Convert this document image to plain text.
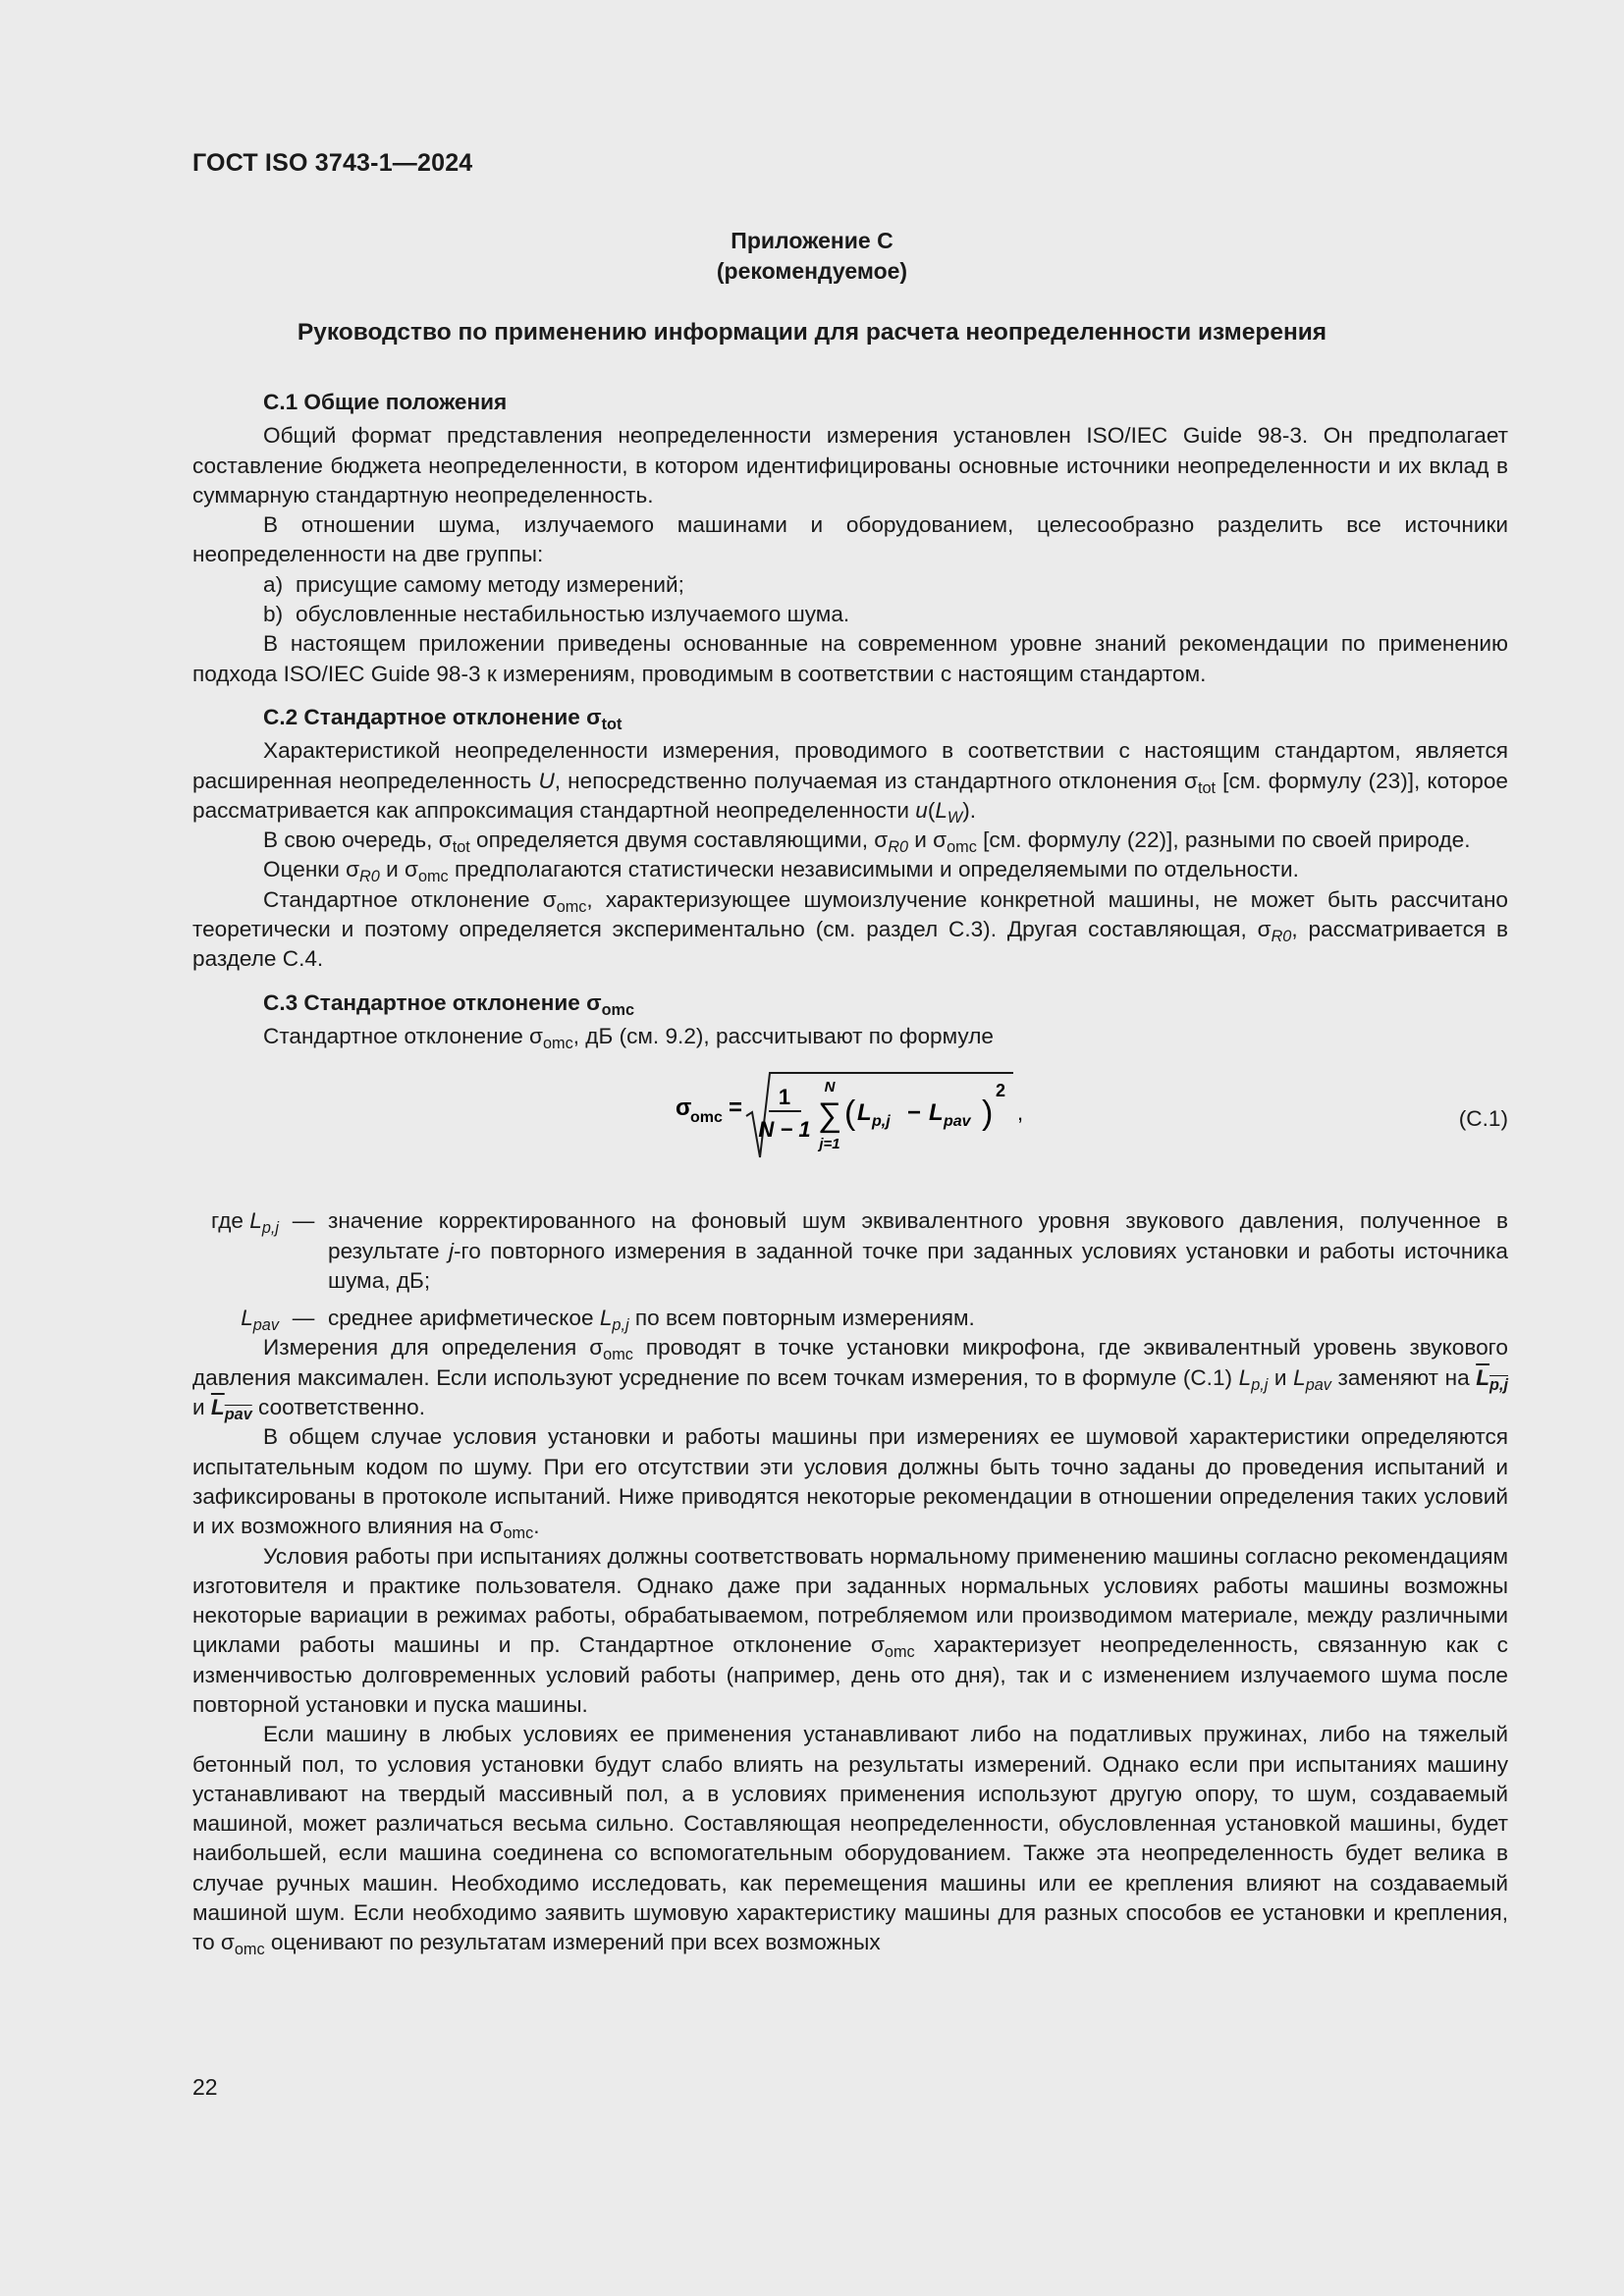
ГОСТ ISO 3743-1—2024
Приложение С
(рекомендуемое)
Руководство по применению информации для расчета неопределенности измерения

С.1 Общие положения

Общий формат представления неопределенности измерения установлен ISO/IEC Guide 98-3. Он предполагает составление бюджета неопределенности, в котором идентифицированы основные источники неопределенности и их вклад в суммарную стандартную неопределенность.

В отношении шума, излучаемого машинами и оборудованием, целесообразно разделить все источники неопределенности на две группы:

а) присущие самому методу измерений;

b) обусловленные нестабильностью излучаемого шума.

В настоящем приложении приведены основанные на современном уровне знаний рекомендации по применению подхода ISO/IEC Guide 98-3 к измерениям, проводимым в соответствии с настоящим стандартом.

С.2 Стандартное отклонение $\sigma_{tot}$

Характеристикой неопределенности измерения, проводимого в соответствии с настоящим стандартом, является расширенная неопределенность U, непосредственно получаемая из стандартного отклонения $\sigma_{tot}$ [см. формулу (23)], которое рассматривается как аппроксимация стандартной неопределенности $u(L_W)$.

В свою очередь, $\sigma_{tot}$ определяется двумя составляющими, $\sigma_{R0}$ и $\sigma_{omc}$ [см. формулу (22)], разными по своей природе.

Оценки $\sigma_{R0}$ и $\sigma_{omc}$ предполагаются статистически независимыми и определяемыми по отдельности.

Стандартное отклонение $\sigma_{omc}$, характеризующее шумоизлучение конкретной машины, не может быть рассчитано теоретически и поэтому определяется экспериментально (см. раздел С.3). Другая составляющая, $\sigma_{R0}$, рассматривается в разделе С.4.

С.3 Стандартное отклонение $\sigma_{omc}$

Стандартное отклонение $\sigma_{omc}$, дБ (см. 9.2), рассчитывают по формуле

σ
omc = 1
N − 1
N
∑
j=1
( L p,j − L pav )
2
,	(С.1)
где $L_{p,j}$ — значение корректированного на фоновый шум эквивалентного уровня звукового давления, полученное в результате j-го повторного измерения в заданной точке при заданных условиях установки и работы источника шума, дБ;
$L_{pav}$ — среднее арифметическое $L_{p,j}$ по всем повторным измерениям.

Измерения для определения $\sigma_{omc}$ проводят в точке установки микрофона, где эквивалентный уровень звукового давления максимален. Если используют усреднение по всем точкам измерения, то в формуле (С.1) $L_{p,j}$ и $L_{pav}$ заменяют на $\overline{L}_{p,j}$ и $\overline{L}_{\overline{pav}}$ соответственно.

В общем случае условия установки и работы машины при измерениях ее шумовой характеристики определяются испытательным кодом по шуму. При его отсутствии эти условия должны быть точно заданы до проведения испытаний и зафиксированы в протоколе испытаний. Ниже приводятся некоторые рекомендации в отношении определения таких условий и их возможного влияния на $\sigma_{omc}$.

Условия работы при испытаниях должны соответствовать нормальному применению машины согласно рекомендациям изготовителя и практике пользователя. Однако даже при заданных нормальных условиях работы машины возможны некоторые вариации в режимах работы, обрабатываемом, потребляемом или производимом материале, между различными циклами работы машины и пр. Стандартное отклонение $\sigma_{omc}$ характеризует неопределенность, связанную как с изменчивостью долговременных условий работы (например, день ото дня), так и с изменением излучаемого шума после повторной установки и пуска машины.

Если машину в любых условиях ее применения устанавливают либо на податливых пружинах, либо на тяжелый бетонный пол, то условия установки будут слабо влиять на результаты измерений. Однако если при испытаниях машину устанавливают на твердый массивный пол, а в условиях применения используют другую опору, то шум, создаваемый машиной, может различаться весьма сильно. Составляющая неопределенности, обусловленная установкой машины, будет наибольшей, если машина соединена со вспомогательным оборудованием. Также эта неопределенность будет велика в случае ручных машин. Необходимо исследовать, как перемещения машины или ее крепления влияют на создаваемый машиной шум. Если необходимо заявить шумовую характеристику машины для разных способов ее установки и крепления, то $\sigma_{omc}$ оценивают по результатам измерений при всех возможных

22
